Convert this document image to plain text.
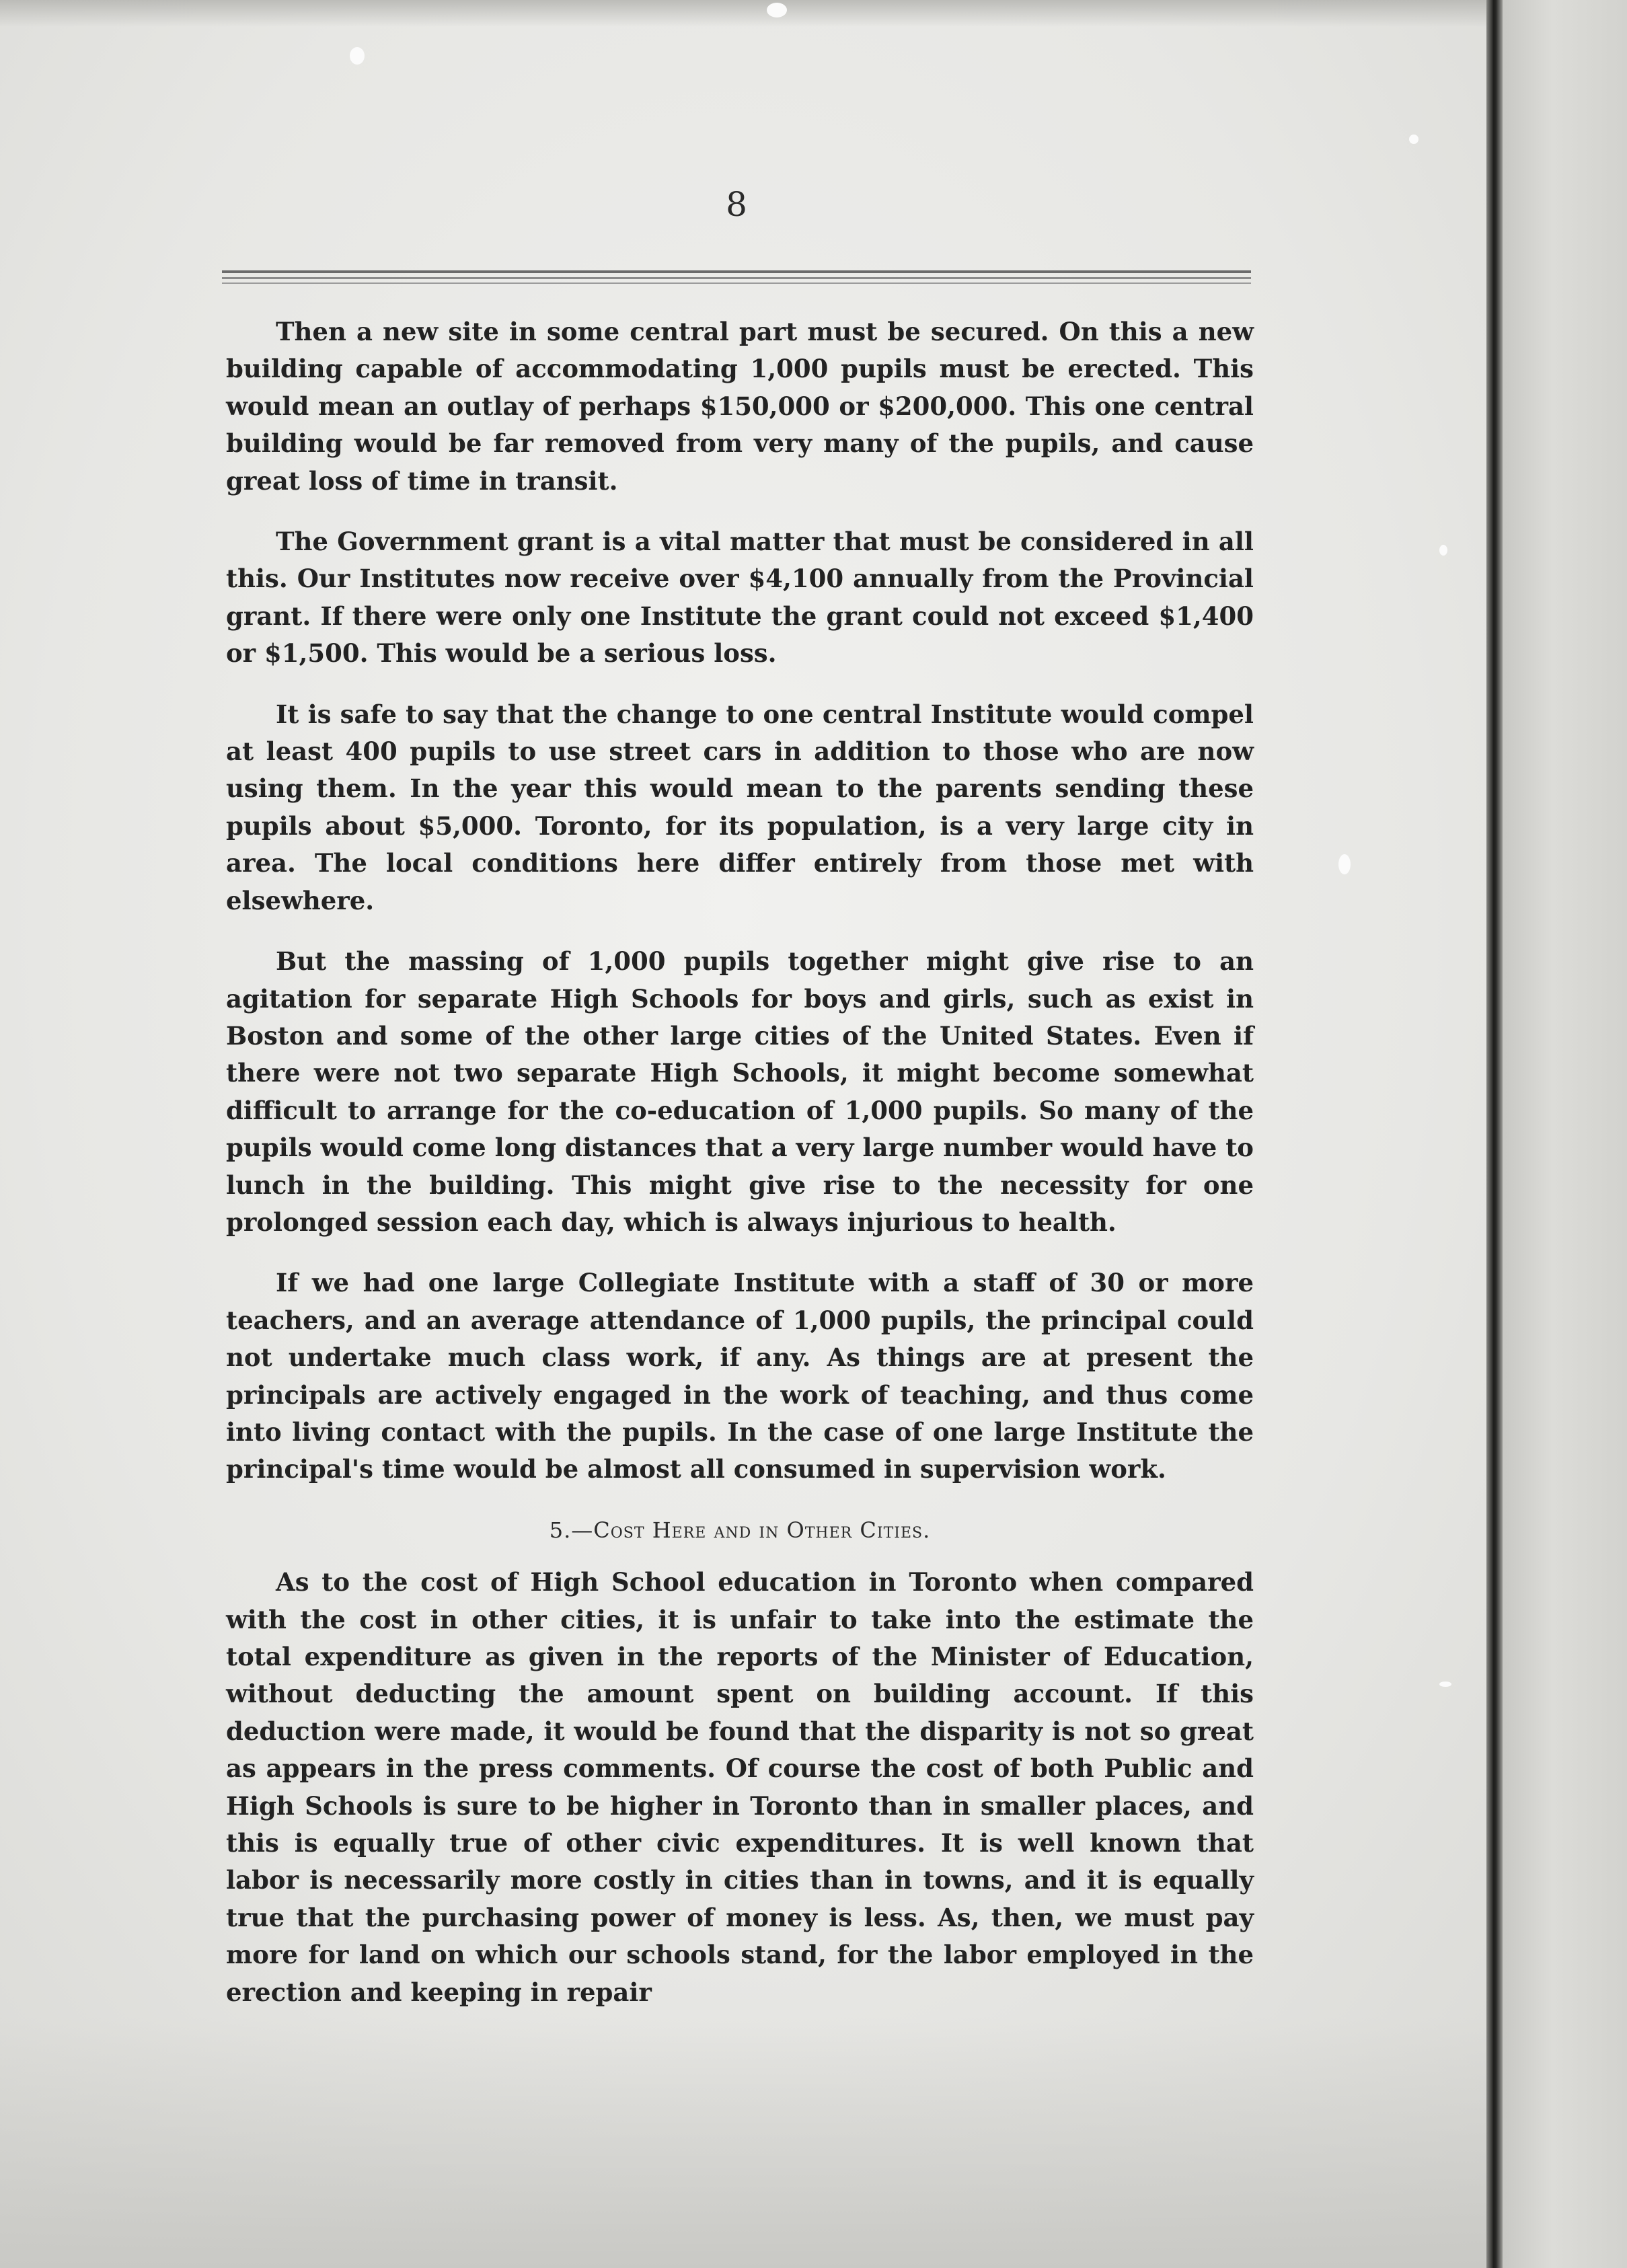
8

Then a new site in some central part must be secured. On this a new building capable of accommodating 1,000 pupils must be erected. This would mean an outlay of perhaps $150,000 or $200,000. This one central building would be far removed from very many of the pupils, and cause great loss of time in transit.

The Government grant is a vital matter that must be considered in all this. Our Institutes now receive over $4,100 annually from the Provincial grant. If there were only one Institute the grant could not exceed $1,400 or $1,500. This would be a serious loss.

It is safe to say that the change to one central Institute would compel at least 400 pupils to use street cars in addition to those who are now using them. In the year this would mean to the parents sending these pupils about $5,000. Toronto, for its population, is a very large city in area. The local conditions here differ entirely from those met with elsewhere.

But the massing of 1,000 pupils together might give rise to an agitation for separate High Schools for boys and girls, such as exist in Boston and some of the other large cities of the United States. Even if there were not two separate High Schools, it might become somewhat difficult to arrange for the co-education of 1,000 pupils. So many of the pupils would come long distances that a very large number would have to lunch in the building. This might give rise to the necessity for one prolonged session each day, which is always injurious to health.

If we had one large Collegiate Institute with a staff of 30 or more teachers, and an average attendance of 1,000 pupils, the principal could not undertake much class work, if any. As things are at present the principals are actively engaged in the work of teaching, and thus come into living contact with the pupils. In the case of one large Institute the principal's time would be almost all consumed in supervision work.

5.—Cost Here and in Other Cities.

As to the cost of High School education in Toronto when compared with the cost in other cities, it is unfair to take into the estimate the total expenditure as given in the reports of the Minister of Education, without deducting the amount spent on building account. If this deduction were made, it would be found that the disparity is not so great as appears in the press comments. Of course the cost of both Public and High Schools is sure to be higher in Toronto than in smaller places, and this is equally true of other civic expenditures. It is well known that labor is necessarily more costly in cities than in towns, and it is equally true that the purchasing power of money is less. As, then, we must pay more for land on which our schools stand, for the labor employed in the erection and keeping in repair
